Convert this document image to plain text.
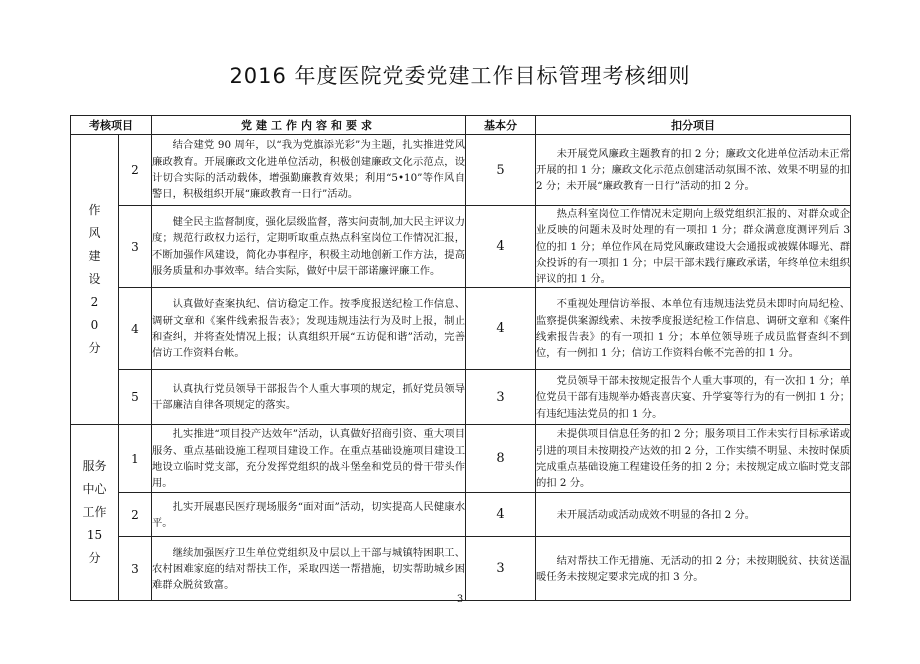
2016 年度医院党委党建工作目标管理考核细则
考核项目		党建工作内容和要求	基本分	扣分项目
作风建设20分	2	结合建党 90 周年，以“我为党旗添光彩”为主题，扎实推进党风廉政教育。开展廉政文化进单位活动，积极创建廉政文化示范点，设计切合实际的活动载体，增强勤廉教育效果；利用“5•10”等作风自警日，积极组织开展“廉政教育一日行”活动。	5	未开展党风廉政主题教育的扣 2 分；廉政文化进单位活动未正常开展的扣 1 分；廉政文化示范点创建活动氛围不浓、效果不明显的扣 2 分；未开展“廉政教育一日行”活动的扣 2 分。

	3	健全民主监督制度，强化层级监督，落实问责制,加大民主评议力度；规范行政权力运行，定期听取重点热点科室岗位工作情况汇报，不断加强作风建设，简化办事程序，积极主动地创新工作方法，提高服务质量和办事效率。结合实际，做好中层干部诺廉评廉工作。	4	热点科室岗位工作情况未定期向上级党组织汇报的、对群众或企业反映的问题未及时处理的有一项扣 1 分；群众满意度测评列后 3 位的扣 1 分；单位作风在局党风廉政建设大会通报或被媒体曝光、群众投诉的有一项扣 1 分；中层干部未践行廉政承诺，年终单位未组织评议的扣 1 分。

	4	认真做好查案执纪、信访稳定工作。按季度报送纪检工作信息、调研文章和《案件线索报告表》；发现违规违法行为及时上报，制止和查纠，并将查处情况上报；认真组织开展“五访促和谐”活动，完善信访工作资料台帐。	4	不重视处理信访举报、本单位有违规违法党员未即时向局纪检、监察提供案源线索、未按季度报送纪检工作信息、调研文章和《案件线索报告表》的有一项扣 1 分；本单位领导班子成员监督查纠不到位，有一例扣 1 分；信访工作资料台帐不完善的扣 1 分。

	5	认真执行党员领导干部报告个人重大事项的规定，抓好党员领导干部廉洁自律各项规定的落实。	3	党员领导干部未按规定报告个人重大事项的，有一次扣 1 分；单位党员干部有违规举办婚丧喜庆宴、升学宴等行为的有一例扣 1 分；有违纪违法党员的扣 1 分。

服务中心工作15分	1	扎实推进“项目投产达效年”活动，认真做好招商引资、重大项目服务、重点基础设施工程项目建设工作。在重点基础设施项目建设工地设立临时党支部，充分发挥党组织的战斗堡垒和党员的骨干带头作用。	8	未提供项目信息任务的扣 2 分；服务项目工作未实行目标承诺或引进的项目未按期投产达效的扣 2 分，工作实绩不明显、未按时保质完成重点基础设施工程建设任务的扣 2 分；未按规定成立临时党支部的扣 2 分。

	2	扎实开展惠民医疗现场服务“面对面”活动，切实提高人民健康水平。	4	未开展活动或活动成效不明显的各扣 2 分。

	3	继续加强医疗卫生单位党组织及中层以上干部与城镇特困职工、农村困难家庭的结对帮扶工作，采取四送一帮措施，切实帮助城乡困难群众脱贫致富。	3	结对帮扶工作无措施、无活动的扣 2 分；未按期脱贫、扶贫送温暖任务未按规定要求完成的扣 3 分。
3
